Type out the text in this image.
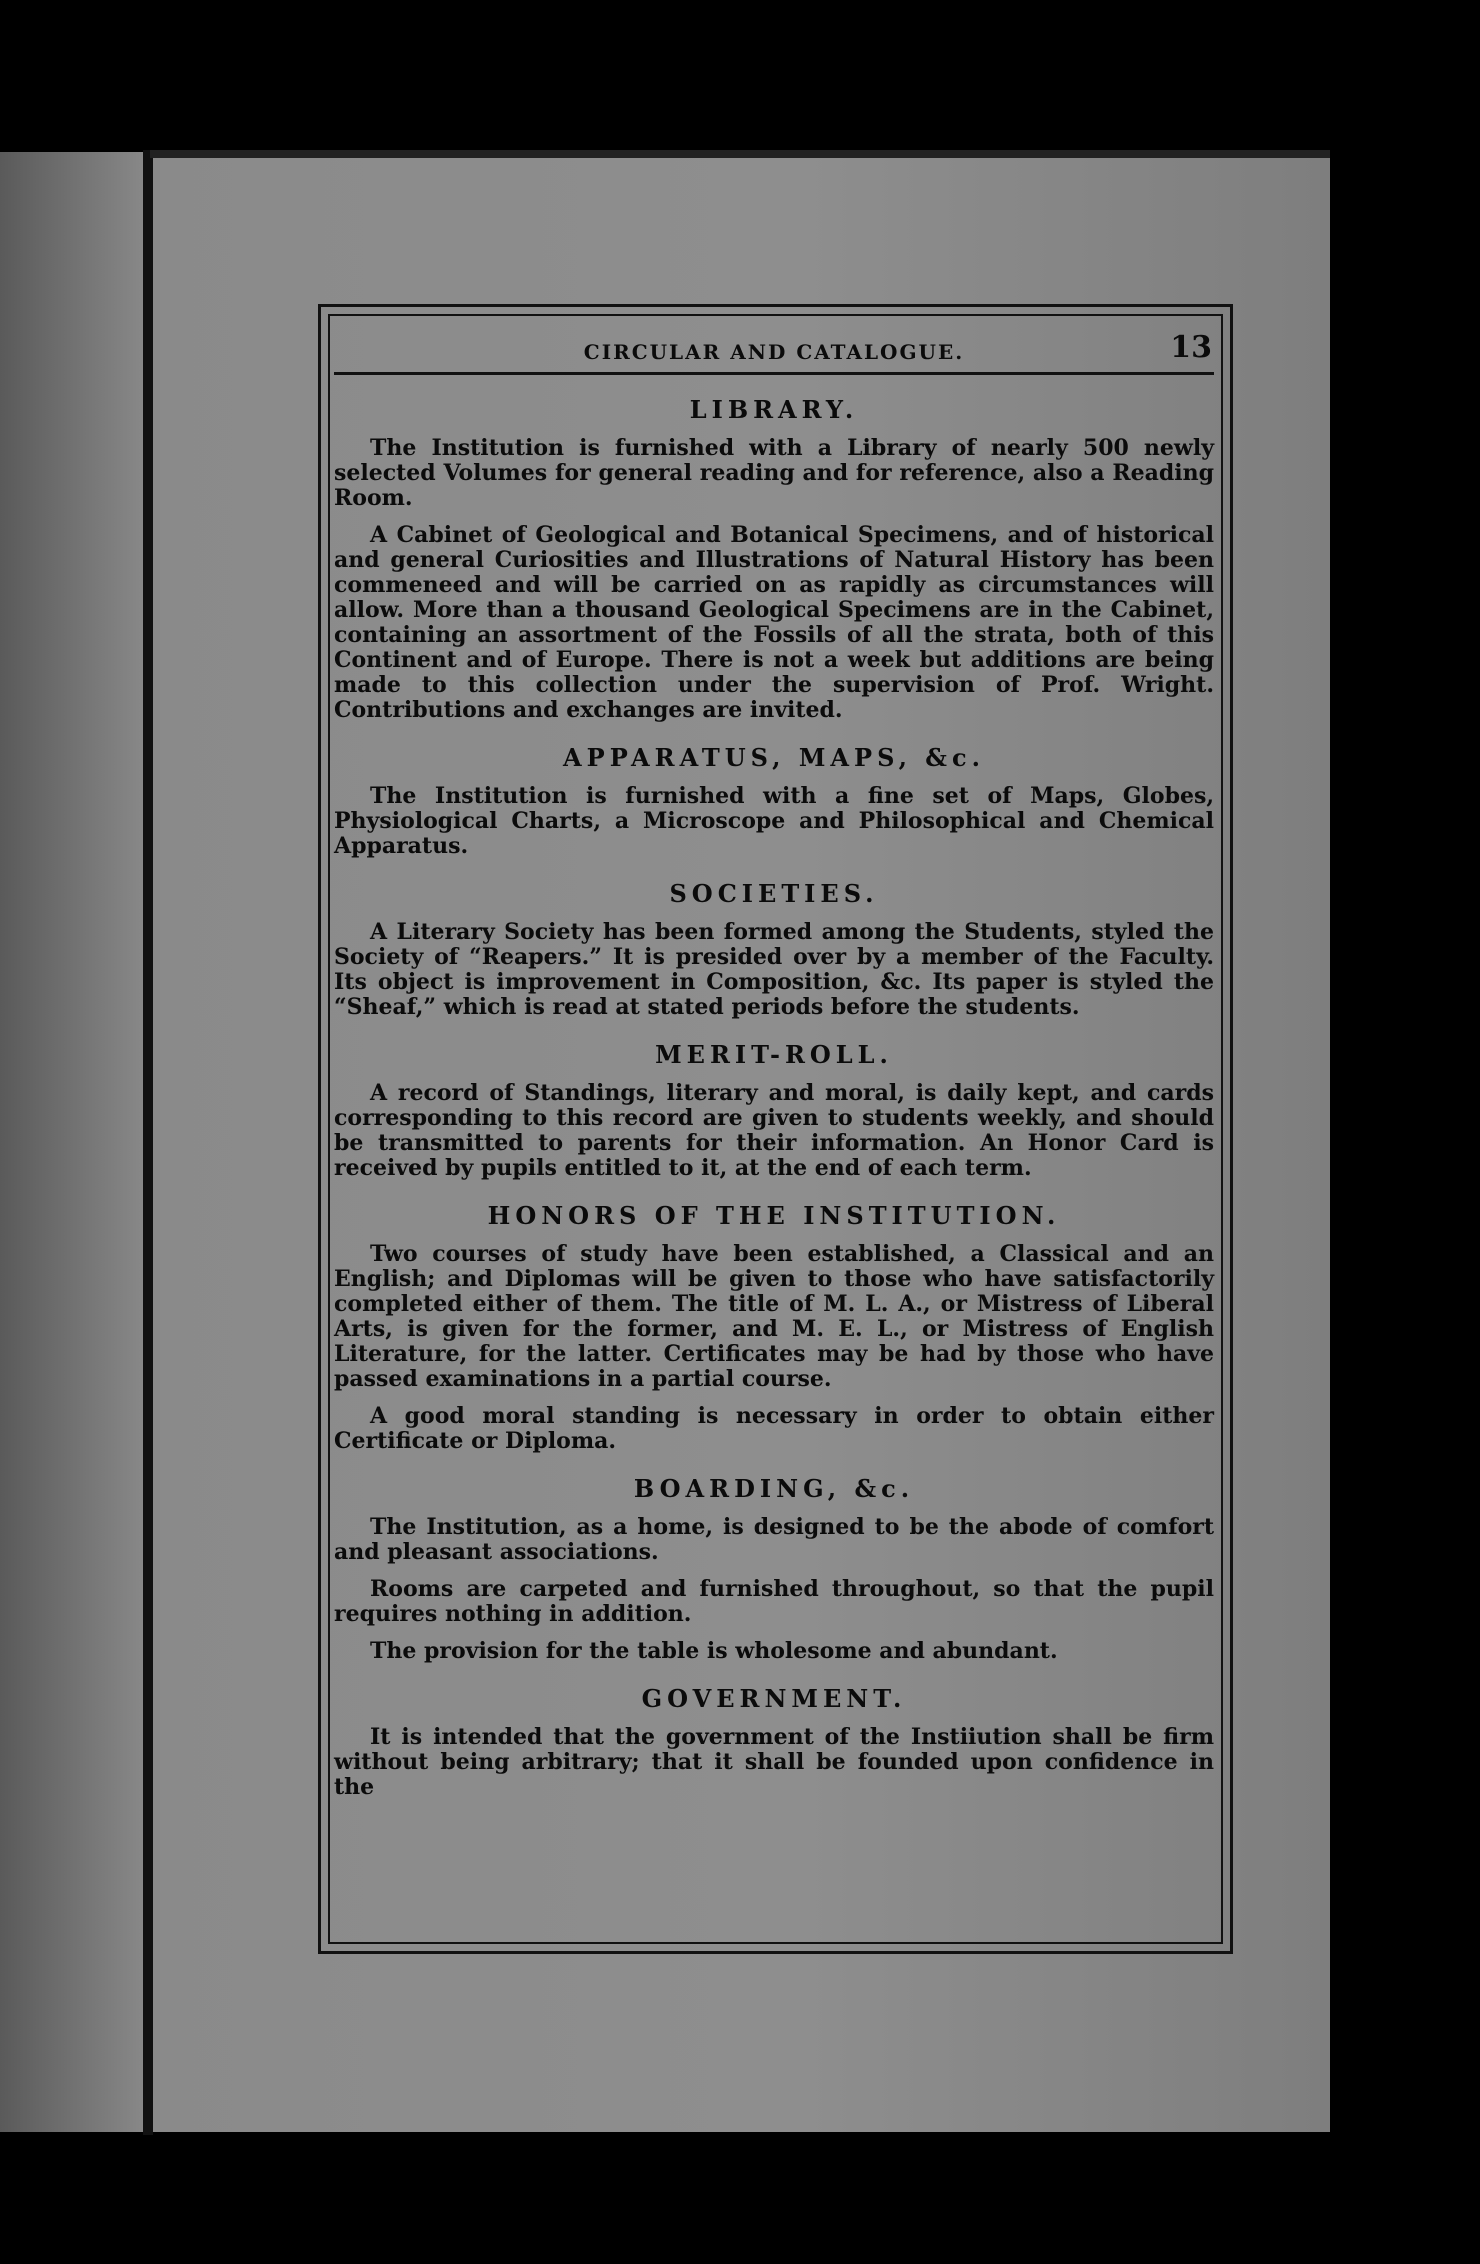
CIRCULAR AND CATALOGUE.	13
LIBRARY.

The Institution is furnished with a Library of nearly 500 newly selected Volumes for general reading and for reference, also a Reading Room.

A Cabinet of Geological and Botanical Specimens, and of historical and general Curiosities and Illustrations of Natural History has been commeneed and will be carried on as rapidly as circumstances will allow. More than a thousand Geological Specimens are in the Cabinet, containing an assortment of the Fossils of all the strata, both of this Continent and of Europe. There is not a week but additions are being made to this collection under the supervision of Prof. Wright. Contributions and exchanges are invited.

APPARATUS, MAPS, &c.

The Institution is furnished with a fine set of Maps, Globes, Physiological Charts, a Microscope and Philosophical and Chemical Apparatus.

SOCIETIES.

A Literary Society has been formed among the Students, styled the Society of “Reapers.” It is presided over by a member of the Faculty. Its object is improvement in Composition, &c. Its paper is styled the “Sheaf,” which is read at stated periods before the students.

MERIT-ROLL.

A record of Standings, literary and moral, is daily kept, and cards corresponding to this record are given to students weekly, and should be transmitted to parents for their information. An Honor Card is received by pupils entitled to it, at the end of each term.

HONORS OF THE INSTITUTION.

Two courses of study have been established, a Classical and an English; and Diplomas will be given to those who have satisfactorily completed either of them. The title of M. L. A., or Mistress of Liberal Arts, is given for the former, and M. E. L., or Mistress of English Literature, for the latter. Certificates may be had by those who have passed examinations in a partial course.

A good moral standing is necessary in order to obtain either Certificate or Diploma.

BOARDING, &c.

The Institution, as a home, is designed to be the abode of comfort and pleasant associations.

Rooms are carpeted and furnished throughout, so that the pupil requires nothing in addition.

The provision for the table is wholesome and abundant.

GOVERNMENT.

It is intended that the government of the Instiiution shall be firm without being arbitrary; that it shall be founded upon confidence in the
